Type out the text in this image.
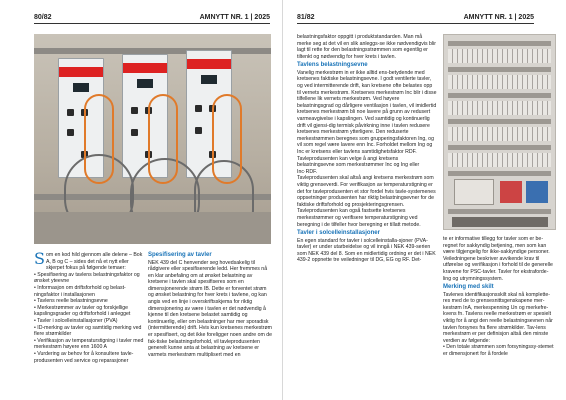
80/82	AMNYTT NR. 1 | 2025
S om en kod hild gjennom alle delene – Bok A, B og C – sides det nå et nytt eller skjerpet fokus på følgende temaer:

• Spesifisering av tavlens belastningsfaktor og ønsket yteevne

• Informasjon om driftsforhold og belast-ningsfaktor i installasjonen

• Tavlens reelle belastningsevne

• Merkestrømmer av tavler og forskjellige kapslingsgrader og driftsforhold i anlegget

• Tavler i solcelleinstallasjoner (PVA)

• ID-merking av tavler og samtidig merking ved flere strømkilder

• Verifikasjon av temperaturstigning i tavler med merkestrøm høyere enn 1600 A

• Vurdering av behov for å konsultere tavle-produsenten ved service og reparasjoner

Spesifisering av tavler

NEK 439 del C henvender seg hovedsakelig til rådgivere eller spesifiserende ledd. Her fremmes nå en klar anbefaling om at ønsket belastning av kretsene i tavlen skal spesifiseres som en dimensjonerende strøm IB. Dette er forventet strøm og ønsket belastning for hver krets i tavlene, og kan angis ved en linje i overskriftsskjema for riktig dimensjonering av være i tavlen er det nødvendig å kjenne til den kretsene belastet samtidig og kontinuerlig, eller om belastninger har mer sporadisk (intermitterende) drift. Hvis kun kretsenes merkestrøm er spesifisert, og det ikke foreligger noen andre om de fak-tiske belastningsforhold, vil tavleprodusenten generelt kunne anta at belastning av kretsene er varmets merkestrøm multiplisert med en

81/82	AMNYTT NR. 1 | 2025

belastningsfaktor oppgitt i produktstandarden. Man må merke seg at det vil en slik anleggs-se ikke nødvendigvis blir lagt til rette for den belastningsstrømmen som egentlig er tiltenkt og nødvendig for hver krets i tavlen.

Tavlens belastningsevne

Vanelig merkestrøm in er ikke alltid ens-betydende med kretsenes faktiske belastningsevne. I godt ventilerte tavler, og ved intermitterende drift, kan kretsene ofte belastes opp til vernets merkestrøm. Kretsenes merkestrøm Inc blir i disse tilfellene lik vernets merkestrøm. Ved høyere belastningsgrad og dårligere ventilasjon i tavlen, vil imidlertid kretsenes merkestrøm bli noe lavere på grunn av redusert varmeavgivelse i kapslingen. Ved samtidig og kontinuerlig drift vil gjensi-dig termisk påvirkning inne i tavlen redusere kretsenes merkestrøm ytterligere. Den reduserte merkestrømmen beregnes som grupperingsfaktoren Ing, og vil som regel være lavere enn Inc. Forholdet mellom Ing og Inc er kretsens eller tavlens samtidighetsfaktor RDF. Tavleprodusenten kan velge å angi kretsens belastningsevne som merkestrømmer Inc og Ing eller Inc·RDF.

Tavleprodusenten skal altså angi kretsens merkestrøm som viktig grenseverdi. For verifikasjon av temperaturstigning er det for tavleprodusenten et stor fordel hvis tavle-systemenes oppsetninger produsenten har riktig belastningsevner for de faktiske driftsforhold og prosjekteringsgrensen. Tavleprodusenten kan også fastsette kretsenes merkestrømmer og verifisere temperaturstigning ved beregning i de tilfeller hvor beregning er tillatt metode.

Tavler i solcelleinstallasjoner

En egen standard for tavler i solcelleinstalla-sjoner (PVA-tavler) er under utarbeidelse og vil inngå i NEK 439-serien som NEK 439 del 8. Som en midlertidig ordning er det i NEK 439-2 oppnette tre veiledninger til DG, EG og RF. Det-

te er informative tillegg for tavler som er be-regnet for sakkyndig betjening, men som kan være tilgjengelig for ikke-sakkyndige personer. Veiledningene beskriver avvikende krav til utførelse og verifikasjon i forhold til de generelle kravene for PSC-tavler. Tavler for ekstraforde-ling og utrymningssystem.

Merking med skilt

Tavlenes identifikasjonsskilt skal nå komplette-res med de to grensesnittsgenskapene mer-kestrøm InA, merkespenning Un og merkefre-kvens fn. Tavlens reelle merkestrøm er spesielt viktig for å angi den reelle belastningsevnen når tavlen forsynes fra flere strømkilder. Tav-lens merkestrøm er per definisjon altså den minste verdien av følgende:

• Den totale strømmen som forsyningssy-stemet er dimensjonert for å fordele
